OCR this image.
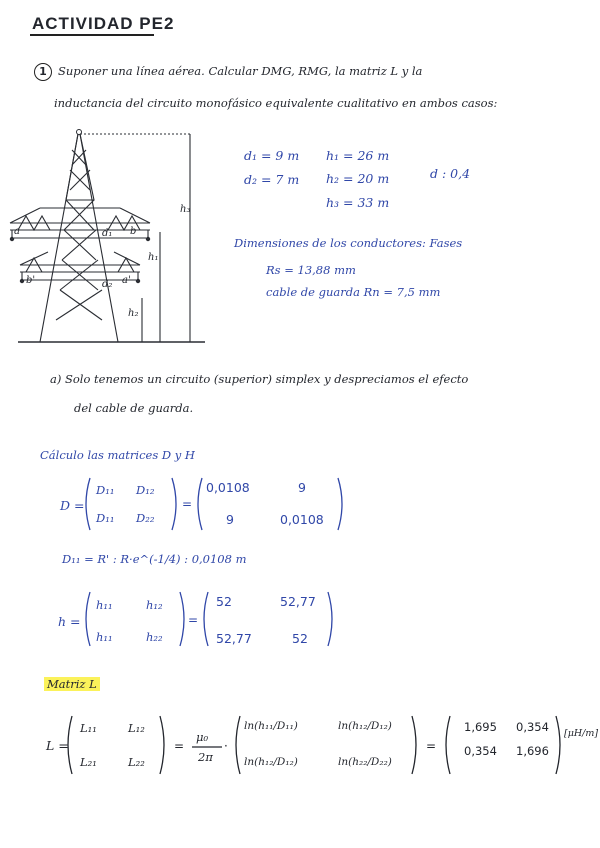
ACTIVIDAD PE2
1 Suponer una línea aérea. Calcular DMG, RMG, la matriz L y la
inductancia del circuito monofásico equivalente cualitativo en ambos casos:
a	b
b'	a'
d₁
d₂
h₃
h₁
h₂
d₁ = 9 m
d₂ = 7 m
h₁ = 26 m
h₂ = 20 m
h₃ = 33 m
d : 0,4
Dimensiones de los conductores: Fases
Rs = 13,88 mm
cable de guarda Rn = 7,5 mm
a) Solo tenemos un circuito (superior) simplex y despreciamos el efecto
del cable de guarda.
Cálculo las matrices D y H
D =	=
D₁₁ D₁₂
D₁₁ D₂₂
0,0108	9
9	0,0108
D₁₁ = R' : R·e^(-1/4) : 0,0108 m
h =	=
h₁₁	h₁₂
h₁₁	h₂₂
52	52,77
52,77	52
Matriz L
L =	=	·	=
L₁₁	L₁₂
L₂₁	L₂₂
μ₀
2π
ln(h₁₁/D₁₁)	ln(h₁₂/D₁₂)
ln(h₁₂/D₁₂)	ln(h₂₂/D₂₂)
1,695 0,354
0,354 1,696
[μH/m]
